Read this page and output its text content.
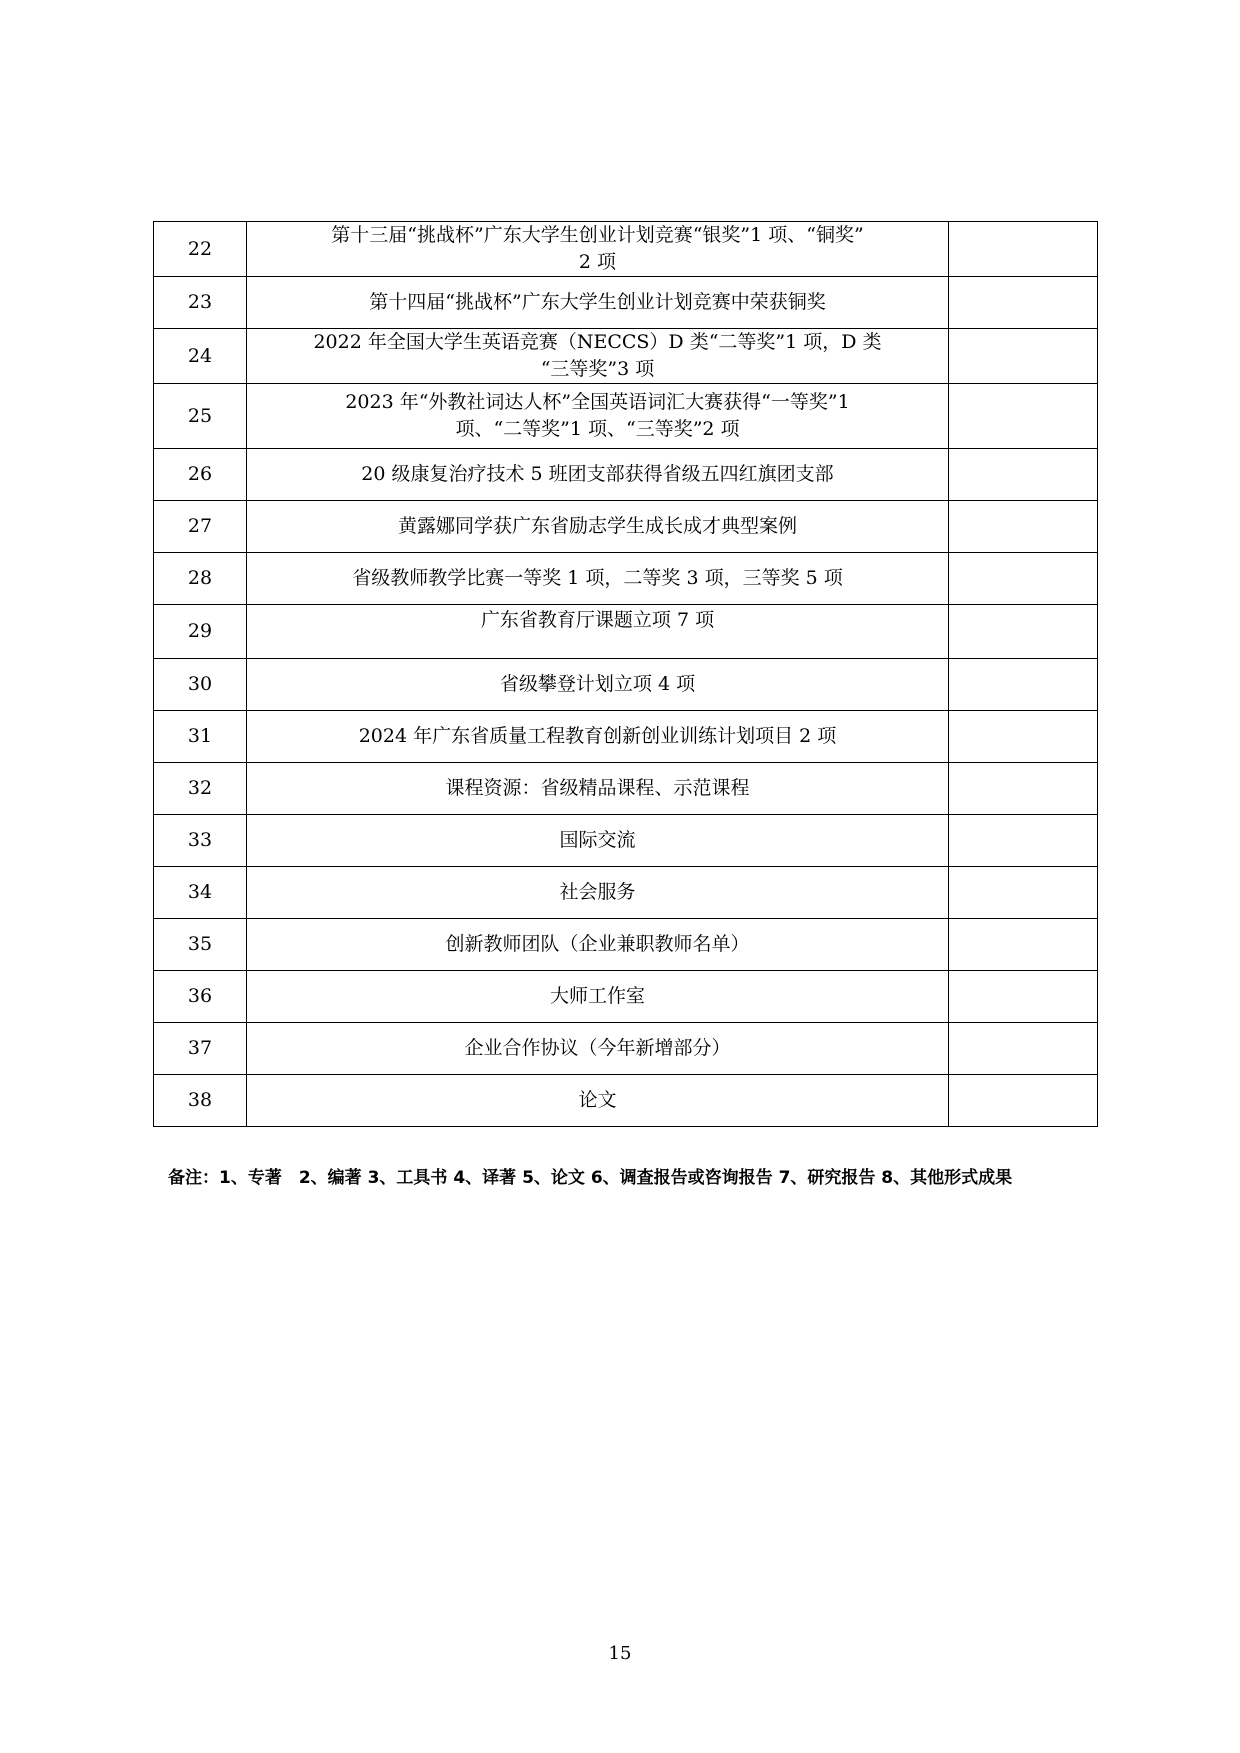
22	第十三届“挑战杯”广东大学生创业计划竞赛“银奖”1 项、“铜奖”
2 项	

23	第十四届“挑战杯”广东大学生创业计划竞赛中荣获铜奖	

24	2022 年全国大学生英语竞赛（NECCS）D 类“二等奖”1 项，D 类
“三等奖”3 项	

25	2023 年“外教社词达人杯”全国英语词汇大赛获得“一等奖”1
项、“二等奖”1 项、“三等奖”2 项	

26	20 级康复治疗技术 5 班团支部获得省级五四红旗团支部	

27	黄露娜同学获广东省励志学生成长成才典型案例	

28	省级教师教学比赛一等奖 1 项，二等奖 3 项，三等奖 5 项	

29	广东省教育厅课题立项 7 项	

30	省级攀登计划立项 4 项	

31	2024 年广东省质量工程教育创新创业训练计划项目 2 项	

32	课程资源：省级精品课程、示范课程	

33	国际交流	

34	社会服务	

35	创新教师团队（企业兼职教师名单）	

36	大师工作室	

37	企业合作协议（今年新增部分）	

38	论文	

备注：1、专著　2、编著 3、工具书 4、译著 5、论文 6、调查报告或咨询报告 7、研究报告 8、其他形式成果
15
